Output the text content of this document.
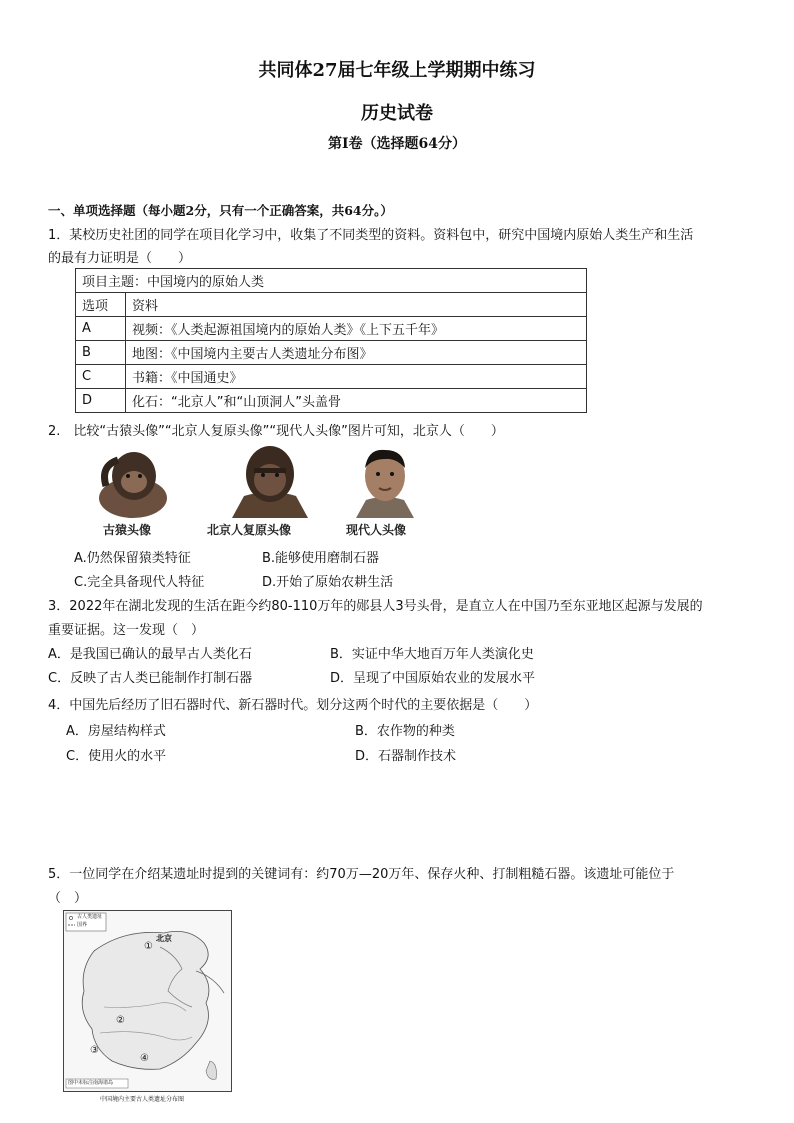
共同体27届七年级上学期期中练习
历史试卷
第Ⅰ卷（选择题64分）
一、单项选择题（每小题2分，只有一个正确答案，共64分。）
1．某校历史社团的同学在项目化学习中，收集了不同类型的资料。资料包中，研究中国境内原始人类生产和生活
的最有力证明是（　　）
项目主题：中国境内的原始人类	
选项	资料
A	视频：《人类起源祖国境内的原始人类》《上下五千年》
B	地图：《中国境内主要古人类遗址分布图》
C	书籍：《中国通史》
D	化石：“北京人”和“山顶洞人”头盖骨
2.　比较“古猿头像”“北京人复原头像”“现代人头像”图片可知，北京人（　　）
古猿头像	北京人复原头像	现代人头像
A.仍然保留猿类特征	B.能够使用磨制石器
C.完全具备现代人特征	D.开始了原始农耕生活
3．2022年在湖北发现的生活在距今约80-110万年的郧县人3号头骨，是直立人在中国乃至东亚地区起源与发展的
重要证据。这一发现（　）
A．是我国已确认的最早古人类化石	B．实证中华大地百万年人类演化史
C．反映了古人类已能制作打制石器	D．呈现了中国原始农业的发展水平
4．中国先后经历了旧石器时代、新石器时代。划分这两个时代的主要依据是（　　）
A．房屋结构样式	B．农作物的种类
C．使用火的水平	D．石器制作技术
5．一位同学在介绍某遗址时提到的关键词有：约70万—20万年、保存火种、打制粗糙石器。该遗址可能位于
（　）
古人类遗址
国界
北京
①
②
③
④
图中未标注南海诸岛
中国境内主要古人类遗址分布图
